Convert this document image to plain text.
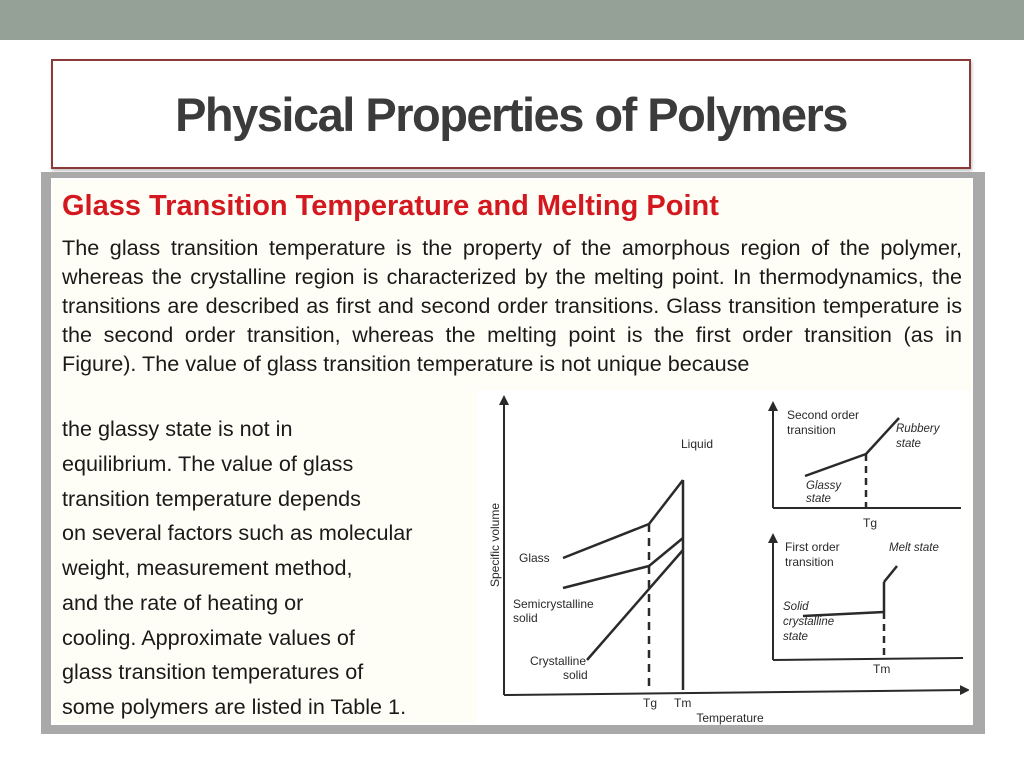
Physical Properties of Polymers
Glass Transition Temperature and Melting Point

The glass transition temperature is the property of the amorphous region of the polymer, whereas the crystalline region is characterized by the melting point. In thermodynamics, the transitions are described as first and second order transitions. Glass transition temperature is the second order transition, whereas the melting point is the first order transition (as in Figure). The value of glass transition temperature is not unique because

the glassy state is not in
equilibrium. The value of glass
transition temperature depends
on several factors such as molecular
weight, measurement method,
and the rate of heating or
cooling. Approximate values of
glass transition temperatures of
some polymers are listed in Table 1.
Specific volume
Temperature
Liquid
Glass
Semicrystalline
solid
Crystalline
solid
Tg Tm
Second order
transition	Rubbery
state
Glassy
state
Tg
First order
transition
Melt state
Solid
crystalline
state
Tm
